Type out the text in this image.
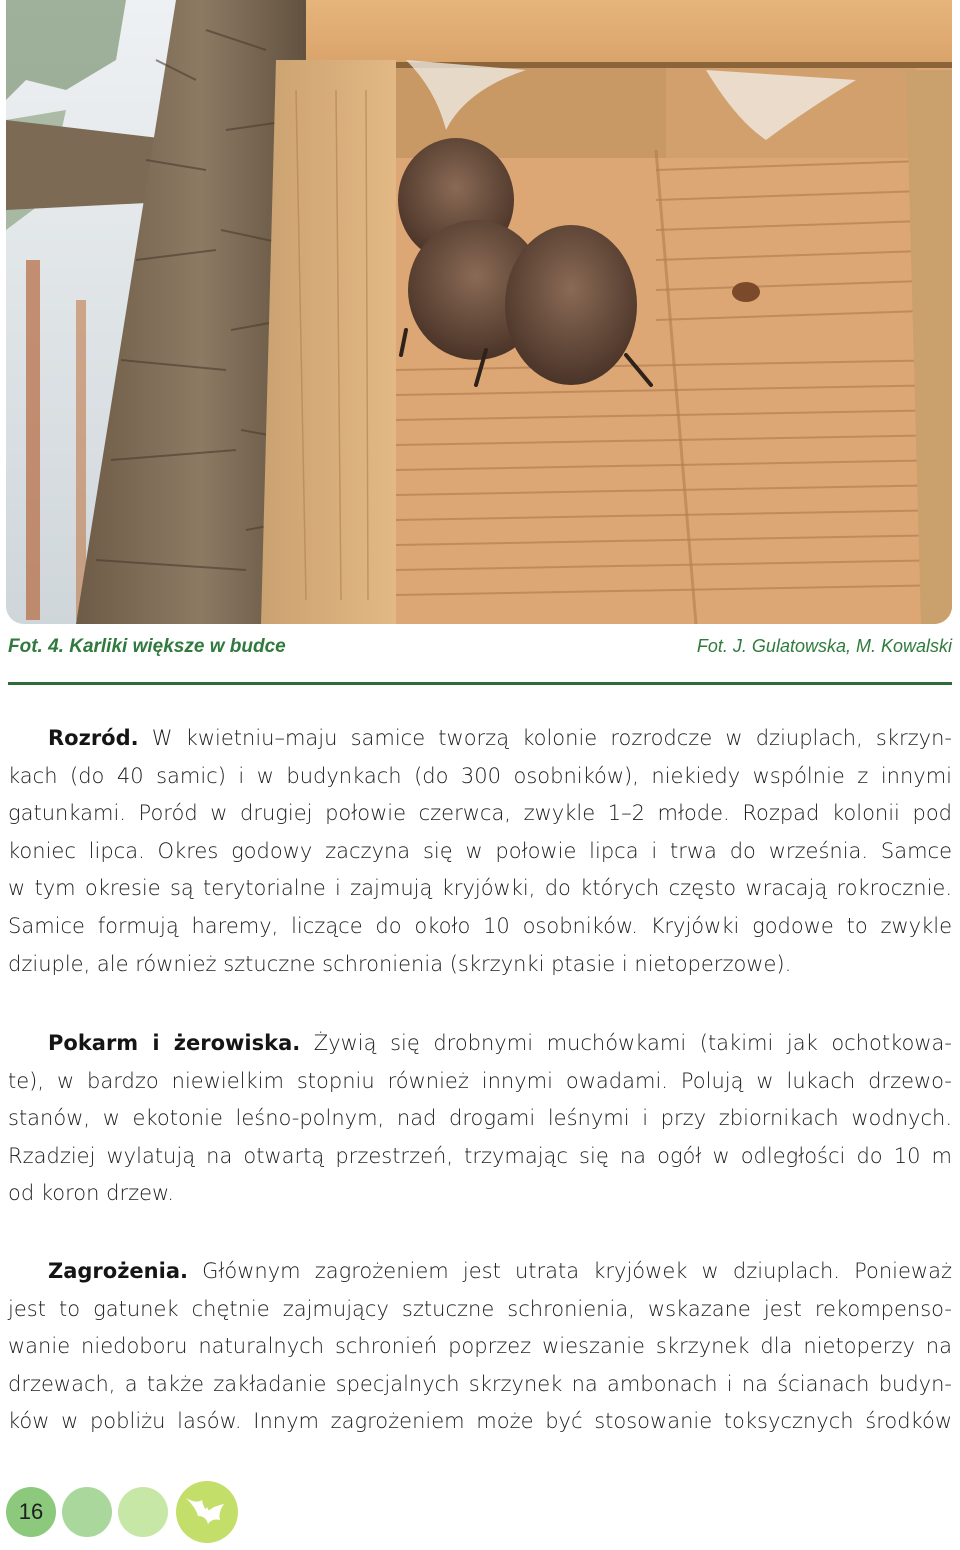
Fot. 4. Karliki większe w budce	Fot. J. Gulatowska, M. Kowalski
Rozród. W kwietniu–maju samice tworzą kolonie rozrodcze w dziuplach, skrzyn-
kach (do 40 samic) i w budynkach (do 300 osobników), niekiedy wspólnie z innymi
gatunkami. Poród w drugiej połowie czerwca, zwykle 1–2 młode. Rozpad kolonii pod
koniec lipca. Okres godowy zaczyna się w połowie lipca i trwa do września. Samce
w tym okresie są terytorialne i zajmują kryjówki, do których często wracają rokrocznie.
Samice formują haremy, liczące do około 10 osobników. Kryjówki godowe to zwykle
dziuple, ale również sztuczne schronienia (skrzynki ptasie i nietoperzowe).
Pokarm i żerowiska. Żywią się drobnymi muchówkami (takimi jak ochotkowa-
te), w bardzo niewielkim stopniu również innymi owadami. Polują w lukach drzewo-
stanów, w ekotonie leśno-polnym, nad drogami leśnymi i przy zbiornikach wodnych.
Rzadziej wylatują na otwartą przestrzeń, trzymając się na ogół w odległości do 10 m
od koron drzew.
Zagrożenia. Głównym zagrożeniem jest utrata kryjówek w dziuplach. Ponieważ
jest to gatunek chętnie zajmujący sztuczne schronienia, wskazane jest rekompenso-
wanie niedoboru naturalnych schronień poprzez wieszanie skrzynek dla nietoperzy na
drzewach, a także zakładanie specjalnych skrzynek na ambonach i na ścianach budyn-
ków w pobliżu lasów. Innym zagrożeniem może być stosowanie toksycznych środków
16
